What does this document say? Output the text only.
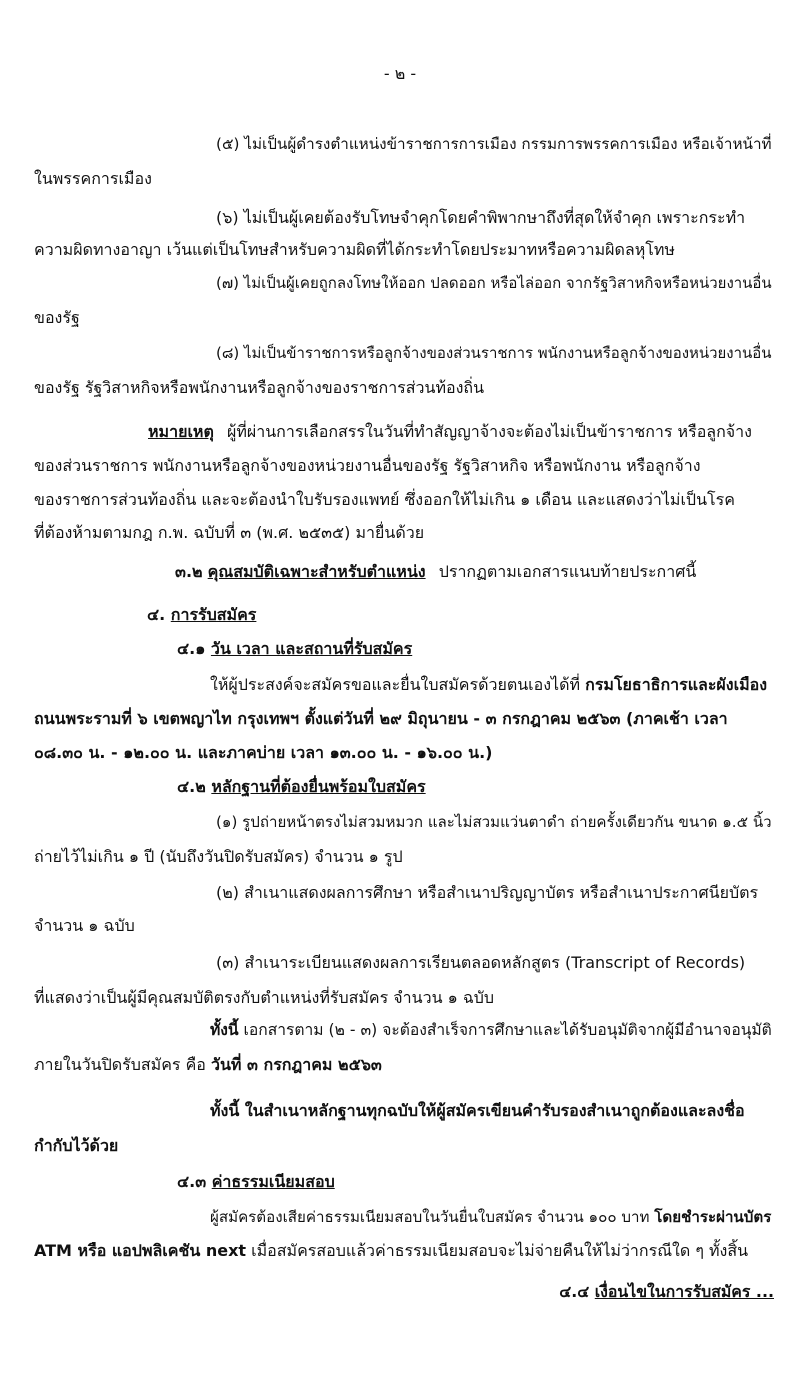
- ๒ -
(๕) ไม่เป็นผู้ดำรงตำแหน่งข้าราชการการเมือง กรรมการพรรคการเมือง หรือเจ้าหน้าที่
ในพรรคการเมือง
(๖) ไม่เป็นผู้เคยต้องรับโทษจำคุกโดยคำพิพากษาถึงที่สุดให้จำคุก เพราะกระทำ
ความผิดทางอาญา เว้นแต่เป็นโทษสำหรับความผิดที่ได้กระทำโดยประมาทหรือความผิดลหุโทษ
(๗) ไม่เป็นผู้เคยถูกลงโทษให้ออก ปลดออก หรือไล่ออก จากรัฐวิสาหกิจหรือหน่วยงานอื่น
ของรัฐ
(๘) ไม่เป็นข้าราชการหรือลูกจ้างของส่วนราชการ พนักงานหรือลูกจ้างของหน่วยงานอื่น
ของรัฐ รัฐวิสาหกิจหรือพนักงานหรือลูกจ้างของราชการส่วนท้องถิ่น
หมายเหตุ ผู้ที่ผ่านการเลือกสรรในวันที่ทำสัญญาจ้างจะต้องไม่เป็นข้าราชการ หรือลูกจ้าง
ของส่วนราชการ พนักงานหรือลูกจ้างของหน่วยงานอื่นของรัฐ รัฐวิสาหกิจ หรือพนักงาน หรือลูกจ้าง
ของราชการส่วนท้องถิ่น และจะต้องนำใบรับรองแพทย์ ซึ่งออกให้ไม่เกิน ๑ เดือน และแสดงว่าไม่เป็นโรค
ที่ต้องห้ามตามกฎ ก.พ. ฉบับที่ ๓ (พ.ศ. ๒๕๓๕) มายื่นด้วย
๓.๒ คุณสมบัติเฉพาะสำหรับตำแหน่ง ปรากฏตามเอกสารแนบท้ายประกาศนี้
๔. การรับสมัคร
๔.๑ วัน เวลา และสถานที่รับสมัคร
ให้ผู้ประสงค์จะสมัครขอและยื่นใบสมัครด้วยตนเองได้ที่ กรมโยธาธิการและผังเมือง
ถนนพระรามที่ ๖ เขตพญาไท กรุงเทพฯ ตั้งแต่วันที่ ๒๙ มิถุนายน - ๓ กรกฎาคม ๒๕๖๓ (ภาคเช้า เวลา
๐๘.๓๐ น. - ๑๒.๐๐ น. และภาคบ่าย เวลา ๑๓.๐๐ น. - ๑๖.๐๐ น.)
๔.๒ หลักฐานที่ต้องยื่นพร้อมใบสมัคร
(๑) รูปถ่ายหน้าตรงไม่สวมหมวก และไม่สวมแว่นตาดำ ถ่ายครั้งเดียวกัน ขนาด ๑.๕ นิ้ว
ถ่ายไว้ไม่เกิน ๑ ปี (นับถึงวันปิดรับสมัคร) จำนวน ๑ รูป
(๒) สำเนาแสดงผลการศึกษา หรือสำเนาปริญญาบัตร หรือสำเนาประกาศนียบัตร
จำนวน ๑ ฉบับ
(๓) สำเนาระเบียนแสดงผลการเรียนตลอดหลักสูตร (Transcript of Records)
ที่แสดงว่าเป็นผู้มีคุณสมบัติตรงกับตำแหน่งที่รับสมัคร จำนวน ๑ ฉบับ
ทั้งนี้ เอกสารตาม (๒ - ๓) จะต้องสำเร็จการศึกษาและได้รับอนุมัติจากผู้มีอำนาจอนุมัติ
ภายในวันปิดรับสมัคร คือ วันที่ ๓ กรกฎาคม ๒๕๖๓
ทั้งนี้ ในสำเนาหลักฐานทุกฉบับให้ผู้สมัครเขียนคำรับรองสำเนาถูกต้องและลงชื่อ
กำกับไว้ด้วย
๔.๓ ค่าธรรมเนียมสอบ
ผู้สมัครต้องเสียค่าธรรมเนียมสอบในวันยื่นใบสมัคร จำนวน ๑๐๐ บาท โดยชำระผ่านบัตร
ATM หรือ แอปพลิเคชัน next เมื่อสมัครสอบแล้วค่าธรรมเนียมสอบจะไม่จ่ายคืนให้ไม่ว่ากรณีใด ๆ ทั้งสิ้น
๔.๔ เงื่อนไขในการรับสมัคร ...
